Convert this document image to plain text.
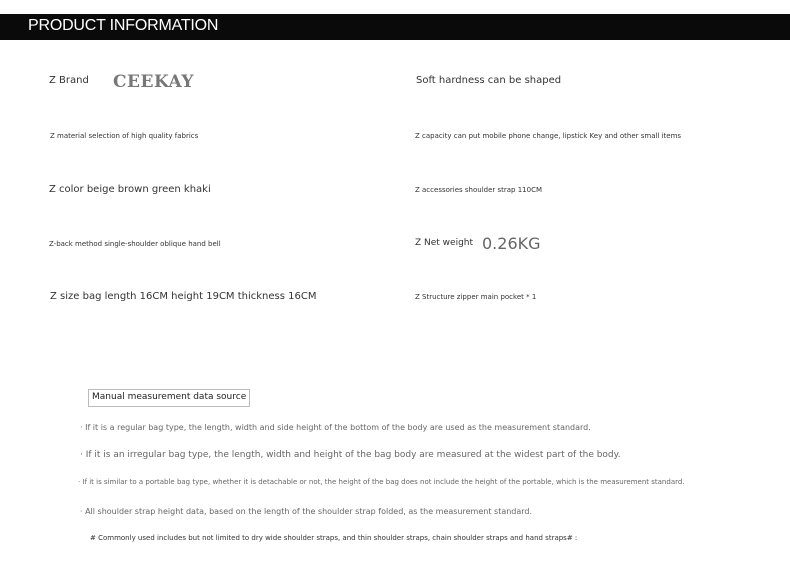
PRODUCT INFORMATION
Z Brand CEEKAY
Z material selection of high quality fabrics
Z color beige brown green khaki
Z-back method single-shoulder oblique hand bell
Z size bag length 16CM height 19CM thickness 16CM
Soft hardness can be shaped
Z capacity can put mobile phone change, lipstick Key and other small items
Z accessories shoulder strap 110CM
Z Net weight 0.26KG
Z Structure zipper main pocket * 1
Manual measurement data source
· If it is a regular bag type, the length, width and side height of the bottom of the body are used as the measurement standard.
· If it is an irregular bag type, the length, width and height of the bag body are measured at the widest part of the body.
· If it is similar to a portable bag type, whether it is detachable or not, the height of the bag does not include the height of the portable, which is the measurement standard.
· All shoulder strap height data, based on the length of the shoulder strap folded, as the measurement standard.
# Commonly used includes but not limited to dry wide shoulder straps, and thin shoulder straps, chain shoulder straps and hand straps# :
